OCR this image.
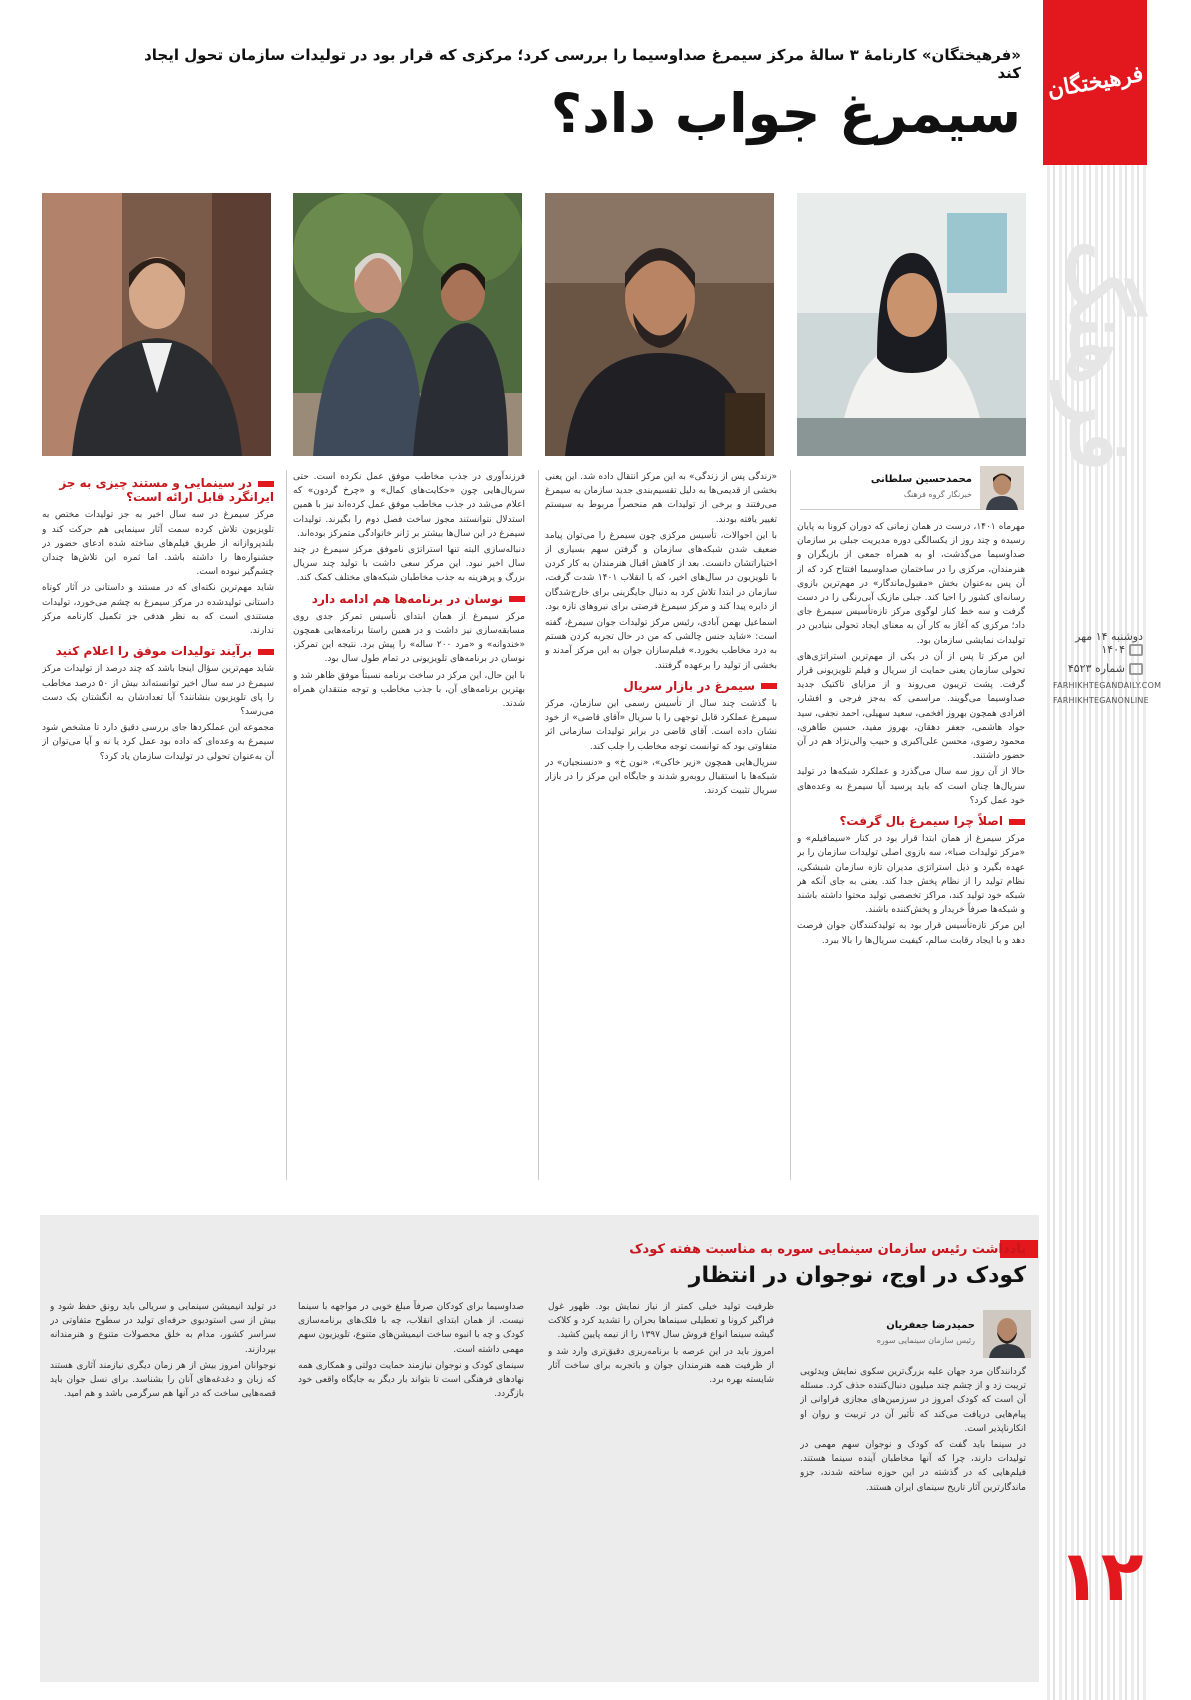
فرهیختگان
فرهنگ
دوشنبه ۱۴ مهر ۱۴۰۴
شماره ۴۵۲۳
FARHIKHTEGANDAILY.COM
FARHIKHTEGANONLINE
۱۲
«فرهیختگان» کارنامۀ ۳ سالۀ مرکز سیمرغ صداوسیما را بررسی کرد؛ مرکزی که قرار بود در تولیدات سازمان تحول ایجاد کند
سیمرغ جواب داد؟
محمدحسین سلطانی
خبرنگار گروه فرهنگ

مهرماه ۱۴۰۱، درست در همان زمانی که دوران کرونا به پایان رسیده و چند روز از یکسالگی دوره مدیریت جبلی بر سازمان صداوسیما می‌گذشت، او به همراه جمعی از بازیگران و هنرمندان، مرکزی را در ساختمان صداوسیما افتتاح کرد که از آن پس به‌عنوان بخش «مقبول‌ماندگار» در مهم‌ترین بازوی رسانه‌ای کشور را احیا کند. جبلی مازیک آبی‌رنگی را در دست گرفت و سه خط کنار لوگوی مرکز تازه‌تأسیس سیمرغ جای داد؛ مرکزی که آغاز به کار آن به معنای ایجاد تحولی بنیادین در تولیدات نمایشی سازمان بود.

این مرکز تا پس از آن در یکی از مهم‌ترین استراتژی‌های تحولی سازمان یعنی حمایت از سریال و فیلم تلویزیونی قرار گرفت. پشت تریبون می‌روند و از مزایای تاکتیک جدید صداوسیما می‌گویند. مراسمی که به‌جز فرجی و افشار، افرادی همچون بهروز افخمی، سعید سهیلی، احمد نجفی، سید جواد هاشمی، جعفر دهقان، بهروز مفید، حسین طاهری، محمود رضوی، محسن علی‌اکبری و حبیب والی‌نژاد هم در آن حضور داشتند.

حالا از آن روز سه سال می‌گذرد و عملکرد شبکه‌ها در تولید سریال‌ها چنان است که باید پرسید آیا سیمرغ به وعده‌های خود عمل کرد؟

اصلاً چرا سیمرغ بال گرفت؟

مرکز سیمرغ از همان ابتدا قرار بود در کنار «سیمافیلم» و «مرکز تولیدات صبا»، سه بازوی اصلی تولیدات سازمان را بر عهده بگیرد و ذیل استراتژی مدیران تازه سازمان شبشکی، نظام تولید را از نظام پخش جدا کند. یعنی به جای آنکه هر شبکه خود تولید کند، مراکز تخصصی تولید محتوا داشته باشند و شبکه‌ها صرفاً خریدار و پخش‌کننده باشند.

این مرکز تازه‌تأسیس قرار بود به تولیدکنندگان جوان فرصت دهد و با ایجاد رقابت سالم، کیفیت سریال‌ها را بالا ببرد.

«زندگی پس از زندگی» به این مرکز انتقال داده شد. این یعنی بخشی از قدیمی‌ها به دلیل تقسیم‌بندی جدید سازمان به سیمرغ می‌رفتند و برخی از تولیدات هم منحصراً مربوط به سیستم تغییر یافته بودند.

با این احوالات، تأسیس مرکزی چون سیمرغ را می‌توان پیامد ضعیف شدن شبکه‌های سازمان و گرفتن سهم بسیاری از اختیاراتشان دانست. بعد از کاهش اقبال هنرمندان به کار کردن با تلویزیون در سال‌های اخیر، که با انقلاب ۱۴۰۱ شدت گرفت، سازمان در ابتدا تلاش کرد به دنبال جایگزینی برای خارج‌شدگان از دایره پیدا کند و مرکز سیمرغ فرصتی برای نیروهای تازه بود.

اسماعیل بهمن آبادی، رئیس مرکز تولیدات جوان سیمرغ، گفته است: «شاید جنس چالشی که من در حال تجربه کردن هستم به درد مخاطب بخورد.» فیلم‌سازان جوان به این مرکز آمدند و بخشی از تولید را برعهده گرفتند.

سیمرغ در بازار سریال

با گذشت چند سال از تأسیس رسمی این سازمان، مرکز سیمرغ عملکرد قابل توجهی را با سریال «آقای قاضی» از خود نشان داده است. آقای قاضی در برابر تولیدات سازمانی اثر متفاوتی بود که توانست توجه مخاطب را جلب کند.

سریال‌هایی همچون «زیر خاکی»، «نون خ» و «دنسنجیان» در شبکه‌ها با استقبال روبه‌رو شدند و جایگاه این مرکز را در بازار سریال تثبیت کردند.

فرزندآوری در جذب مخاطب موفق عمل نکرده است. حتی سریال‌هایی چون «حکایت‌های کمال» و «چرخ گردون» که اعلام می‌شد در جذب مخاطب موفق عمل کرده‌اند نیز با همین استدلال نتوانستند مجوز ساخت فصل دوم را بگیرند. تولیدات سیمرغ در این سال‌ها بیشتر بر ژانر خانوادگی متمرکز بوده‌اند.

دنباله‌سازی البته تنها استراتژی ناموفق مرکز سیمرغ در چند سال اخیر نبود. این مرکز سعی داشت با تولید چند سریال بزرگ و پرهزینه به جذب مخاطبان شبکه‌های مختلف کمک کند.

نوسان در برنامه‌ها هم ادامه دارد

مرکز سیمرغ از همان ابتدای تأسیس تمرکز جدی روی مسابقه‌سازی نیز داشت و در همین راستا برنامه‌هایی همچون «خندوانه» و «مرد ۲۰۰ ساله» را پیش برد. نتیجه این تمرکز، نوسان در برنامه‌های تلویزیونی در تمام طول سال بود.

با این حال، این مرکز در ساخت برنامه نسبتاً موفق ظاهر شد و بهترین برنامه‌های آن، با جذب مخاطب و توجه منتقدان همراه شدند.

در سینمایی و مستند چیزی به جز ایرانگرد قابل ارائه است؟

مرکز سیمرغ در سه سال اخیر به جز تولیدات مختص به تلویزیون تلاش کرده سمت آثار سینمایی هم حرکت کند و بلندپروازانه از طریق فیلم‌های ساخته شده ادعای حضور در جشنواره‌ها را داشته باشد. اما ثمره این تلاش‌ها چندان چشم‌گیر نبوده است.

شاید مهم‌ترین نکته‌ای که در مستند و داستانی در آثار کوتاه داستانی تولیدشده در مرکز سیمرغ به چشم می‌خورد، تولیدات مستندی است که به نظر هدفی جز تکمیل کارنامه مرکز ندارند.

برآیند تولیدات موفق را اعلام کنید

شاید مهم‌ترین سؤال اینجا باشد که چند درصد از تولیدات مرکز سیمرغ در سه سال اخیر توانسته‌اند بیش از ۵۰ درصد مخاطب را پای تلویزیون بنشانند؟ آیا تعدادشان به انگشتان یک دست می‌رسد؟

مجموعه این عملکردها جای بررسی دقیق دارد تا مشخص شود سیمرغ به وعده‌ای که داده بود عمل کرد یا نه و آیا می‌توان از آن به‌عنوان تحولی در تولیدات سازمان یاد کرد؟

یادداشت رئیس سازمان سینمایی سوره به مناسبت هفته کودک
کودک در اوج، نوجوان در انتظار
حمیدرضا جعفریان
رئیس سازمان سینمایی سوره

گردانندگان مرد جهان علیه بزرگ‌ترین سکوی نمایش ویدئویی تریبت زد و از چشم چند میلیون دنبال‌کننده حذف کرد. مسئله آن است که کودک امروز در سرزمین‌های مجازی فراوانی از پیام‌هایی دریافت می‌کند که تأثیر آن در تربیت و روان او انکارناپذیر است.

در سینما باید گفت که کودک و نوجوان سهم مهمی در تولیدات دارند، چرا که آنها مخاطبان آینده سینما هستند. فیلم‌هایی که در گذشته در این حوزه ساخته شدند، جزو ماندگارترین آثار تاریخ سینمای ایران هستند.

ظرفیت تولید خیلی کمتر از نیاز نمایش بود. ظهور غول فراگیر کرونا و تعطیلی سینماها بحران را تشدید کرد و کلاکت گیشه سینما انواع فروش سال ۱۳۹۷ را از نیمه پایین کشید.

امروز باید در این عرصه با برنامه‌ریزی دقیق‌تری وارد شد و از ظرفیت همه هنرمندان جوان و باتجربه برای ساخت آثار شایسته بهره برد.

صداوسیما برای کودکان صرفاً مبلغ خوبی در مواجهه با سینما نیست. از همان ابتدای انقلاب، چه با فلک‌های برنامه‌سازی کودک و چه با انبوه ساخت انیمیشن‌های متنوع، تلویزیون سهم مهمی داشته است.

سینمای کودک و نوجوان نیازمند حمایت دولتی و همکاری همه نهادهای فرهنگی است تا بتواند بار دیگر به جایگاه واقعی خود بازگردد.

در تولید انیمیشن سینمایی و سریالی باید رونق حفظ شود و بیش از سی استودیوی حرفه‌ای تولید در سطوح متفاوتی در سراسر کشور، مدام به خلق محصولات متنوع و هنرمندانه بپردازند.

نوجوانان امروز بیش از هر زمان دیگری نیازمند آثاری هستند که زبان و دغدغه‌های آنان را بشناسد. برای نسل جوان باید قصه‌هایی ساخت که در آنها هم سرگرمی باشد و هم امید.
